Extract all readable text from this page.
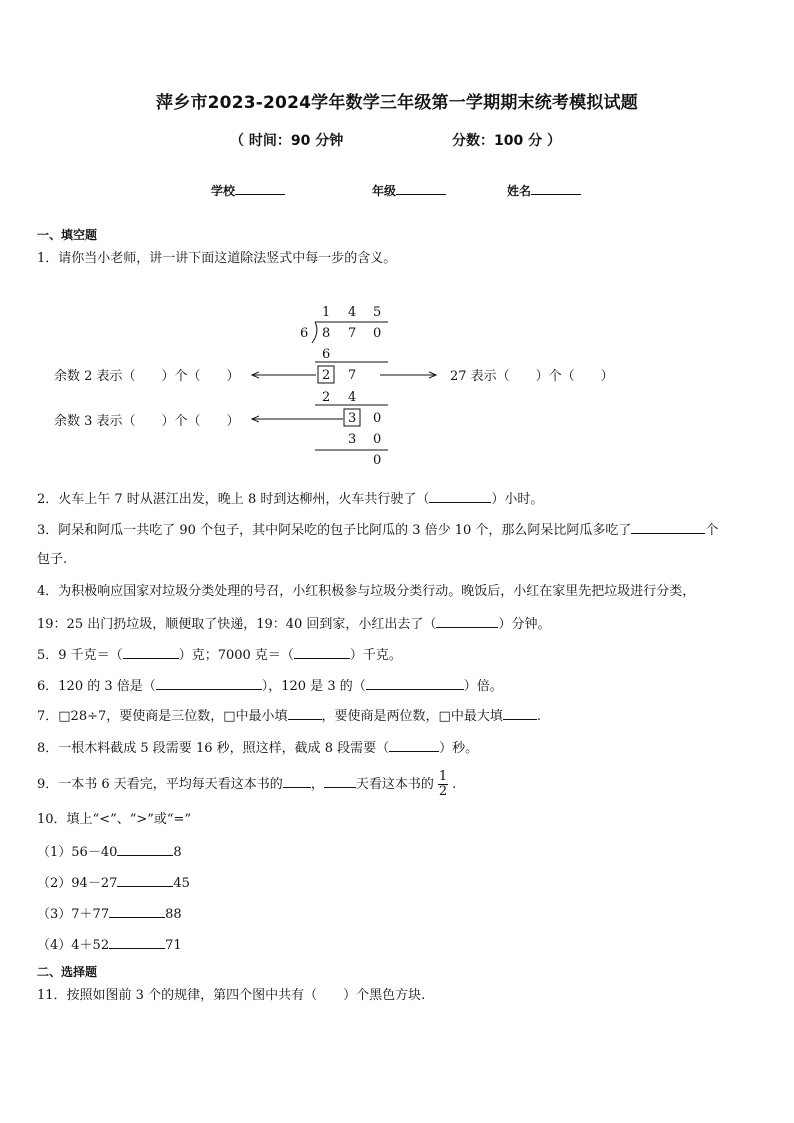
萍乡市2023-2024学年数学三年级第一学期期末统考模拟试题
（ 时间：90 分钟	分数：100 分 ）
学校	年级	姓名
一、填空题
1．请你当小老师，讲一讲下面这道除法竖式中每一步的含义。
1 4 5
6 8 7 0
6
2 7
2 4
3 0
3 0
0
余数 2 表示（　　）个（　　）
余数 3 表示（　　）个（　　）
27 表示（　　）个（　　）
2．火车上午 7 时从湛江出发，晚上 8 时到达柳州，火车共行驶了（	）小时。
3．阿呆和阿瓜一共吃了 90 个包子，其中阿呆吃的包子比阿瓜的 3 倍少 10 个，那么阿呆比阿瓜多吃了	个
包子.
4．为积极响应国家对垃圾分类处理的号召，小红积极参与垃圾分类行动。晚饭后，小红在家里先把垃圾进行分类，
19：25 出门扔垃圾，顺便取了快递，19：40 回到家，小红出去了（	）分钟。
5．9 千克＝（	）克；7000 克＝（	）千克。
6．120 的 3 倍是（	），120 是 3 的（	）倍。
7．□28÷7，要使商是三位数，□中最小填	，要使商是两位数，□中最大填	.
8．一根木料截成 5 段需要 16 秒，照这样，截成 8 段需要（	）秒。
9．一本书 6 天看完，平均每天看这本书的 ， 天看这本书的 $\frac{1}{2}$ .
10．填上“<”、“>”或“=”
（1）56－40	8
（2）94－27	45
（3）7＋77	88
（4）4＋52	71
二、选择题
11．按照如图前 3 个的规律，第四个图中共有（　　）个黑色方块.
